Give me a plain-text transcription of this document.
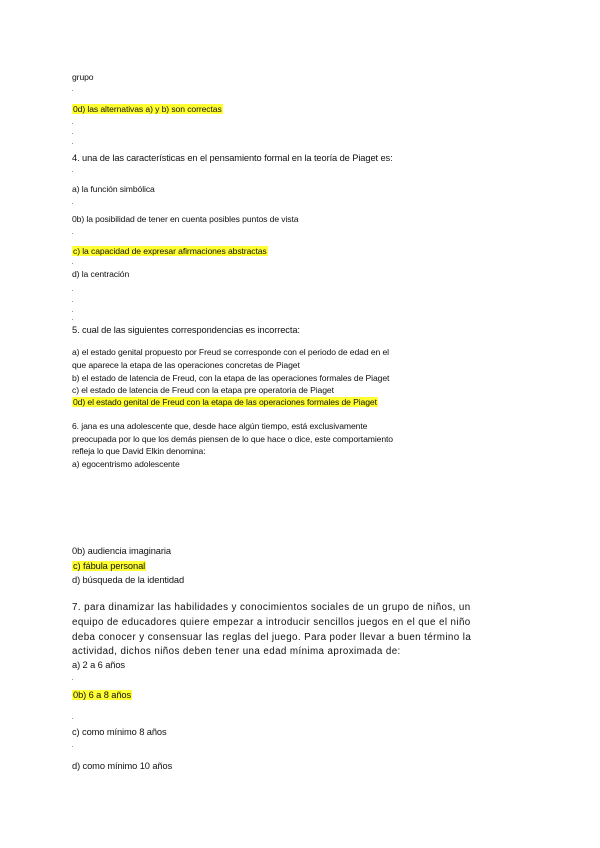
grupo
0d) las alternativas a) y b) son correctas
4. una de las características en el pensamiento formal en la teoría de Piaget es:
a) la función simbólica
0b) la posibilidad de tener en cuenta posibles puntos de vista
c) la capacidad de expresar afirmaciones abstractas
d) la centración
5. cual de las siguientes correspondencias es incorrecta:
a) el estado genital propuesto por Freud se corresponde con el periodo de edad en el
que aparece la etapa de las operaciones concretas de Piaget
b) el estado de latencia de Freud, con la etapa de las operaciones formales de Piaget
c) el estado de latencia de Freud con la etapa pre operatoria de Piaget
0d) el estado genital de Freud con la etapa de las operaciones formales de Piaget
6. jana es una adolescente que, desde hace algún tiempo, está exclusivamente
preocupada por lo que los demás piensen de lo que hace o dice, este comportamiento
refleja lo que David Elkin denomina:
a) egocentrismo adolescente
0b) audiencia imaginaria
c) fábula personal
d) búsqueda de la identidad
7. para dinamizar las habilidades y conocimientos sociales de un grupo de niños, un
equipo de educadores quiere empezar a introducir sencillos juegos en el que el niño
deba conocer y consensuar las reglas del juego. Para poder llevar a buen término la
actividad, dichos niños deben tener una edad mínima aproximada de:
a) 2 a 6 años
0b) 6 a 8 años
c) como mínimo 8 años
d) como mínimo 10 años
